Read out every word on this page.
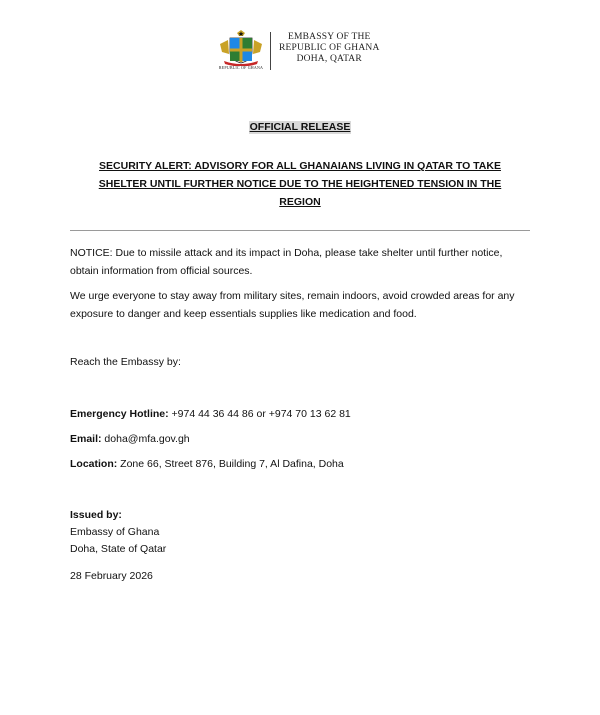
REPUBLIC OF GHANA
EMBASSY OF THE
REPUBLIC OF GHANA
DOHA, QATAR
OFFICIAL RELEASE
SECURITY ALERT: ADVISORY FOR ALL GHANAIANS LIVING IN QATAR TO TAKE SHELTER UNTIL FURTHER NOTICE DUE TO THE HEIGHTENED TENSION IN THE REGION

NOTICE: Due to missile attack and its impact in Doha, please take shelter until further notice, obtain information from official sources.

We urge everyone to stay away from military sites, remain indoors, avoid crowded areas for any exposure to danger and keep essentials supplies like medication and food.

Reach the Embassy by:
Emergency Hotline: +974 44 36 44 86 or +974 70 13 62 81
Email: doha@mfa.gov.gh
Location: Zone 66, Street 876, Building 7, Al Dafina, Doha
Issued by:
Embassy of Ghana
Doha, State of Qatar
28 February 2026
